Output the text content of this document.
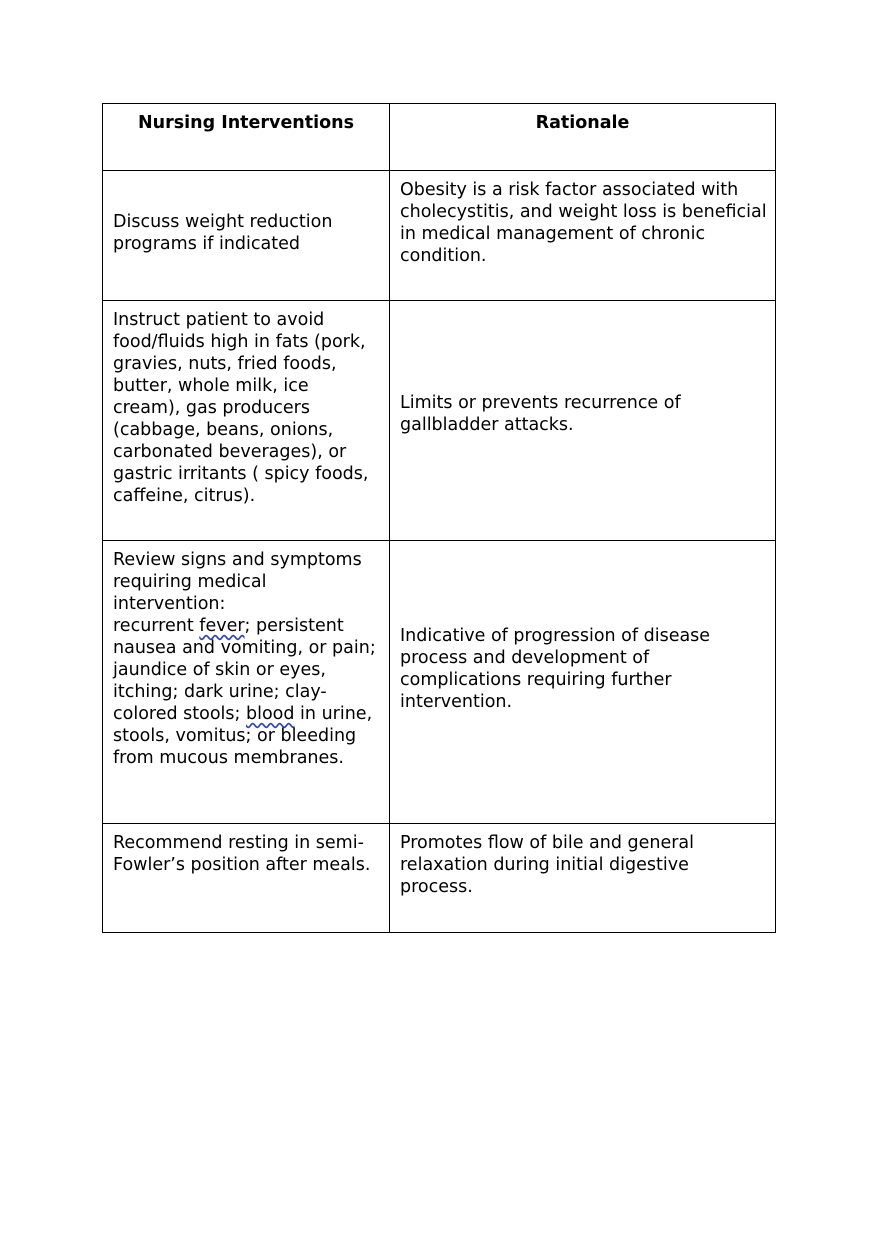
Nursing Interventions	Rationale

Discuss weight reduction programs if indicated	Obesity is a risk factor associated with cholecystitis, and weight loss is beneficial in medical management of chronic condition.

Instruct patient to avoid food/fluids high in fats (pork, gravies, nuts, fried foods, butter, whole milk, ice cream), gas producers (cabbage, beans, onions, carbonated beverages), or gastric irritants ( spicy foods, caffeine, citrus).	Limits or prevents recurrence of gallbladder attacks.

Review signs and symptoms requiring medical intervention:
recurrent fever; persistent nausea and vomiting, or pain; jaundice of skin or eyes, itching; dark urine; clay-colored stools; blood in urine, stools, vomitus; or bleeding from mucous membranes.	Indicative of progression of disease process and development of complications requiring further intervention.

Recommend resting in semi-Fowler’s position after meals.	Promotes flow of bile and general relaxation during initial digestive process.
